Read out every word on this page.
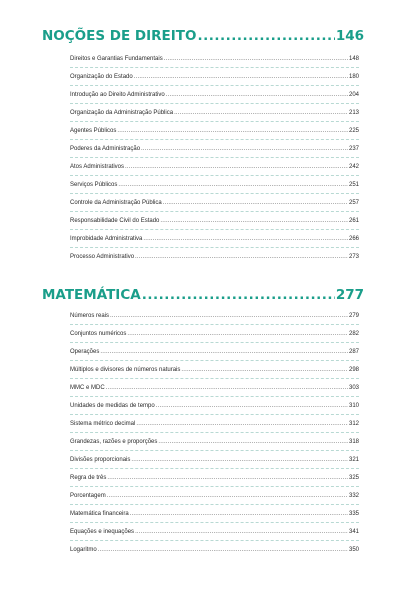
NOÇÕES DE DIREITO .....	146
Direitos e Garantias Fundamentais .....	148
Organização do Estado .....	180
Introdução ao Direito Administrativo .....	204
Organização da Administração Pública .....	213
Agentes Públicos .....	225
Poderes da Administração .....	237
Atos Administrativos .....	242
Serviços Públicos .....	251
Controle da Administração Pública .....	257
Responsabilidade Civil do Estado .....	261
Improbidade Administrativa .....	266
Processo Administrativo .....	273
MATEMÁTICA .....	277
Números reais .....	279
Conjuntos numéricos .....	282
Operações .....	287
Múltiplos e divisores de números naturais .....	298
MMC e MDC .....	303
Unidades de medidas de tempo .....	310
Sistema métrico decimal .....	312
Grandezas, razões e proporções .....	318
Divisões proporcionais .....	321
Regra de três .....	325
Porcentagem .....	332
Matemática financeira .....	335
Equações e inequações .....	341
Logaritmo .....	350
